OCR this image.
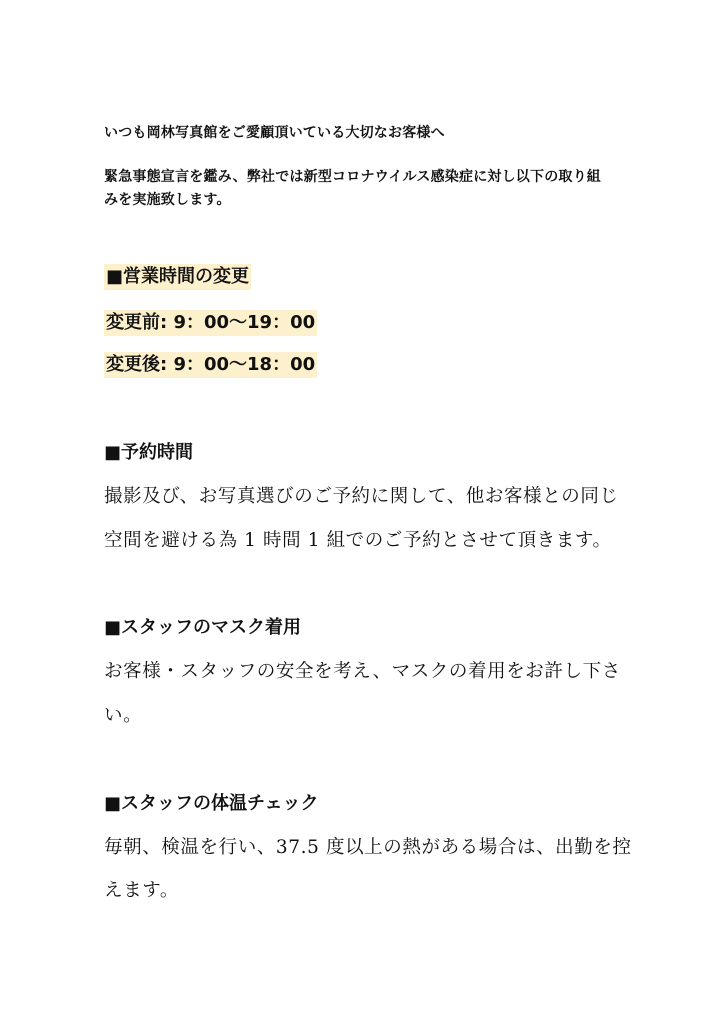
いつも岡林写真館をご愛顧頂いている大切なお客様へ
緊急事態宣言を鑑み、弊社では新型コロナウイルス感染症に対し以下の取り組
みを実施致します。
■営業時間の変更
変更前: 9：00〜19：00
変更後: 9：00〜18：00
■予約時間
撮影及び、お写真選びのご予約に関して、他お客様との同じ
空間を避ける為 1 時間 1 組でのご予約とさせて頂きます。
■スタッフのマスク着用
お客様・スタッフの安全を考え、マスクの着用をお許し下さ
い。
■スタッフの体温チェック
毎朝、検温を行い、37.5 度以上の熱がある場合は、出勤を控
えます。
